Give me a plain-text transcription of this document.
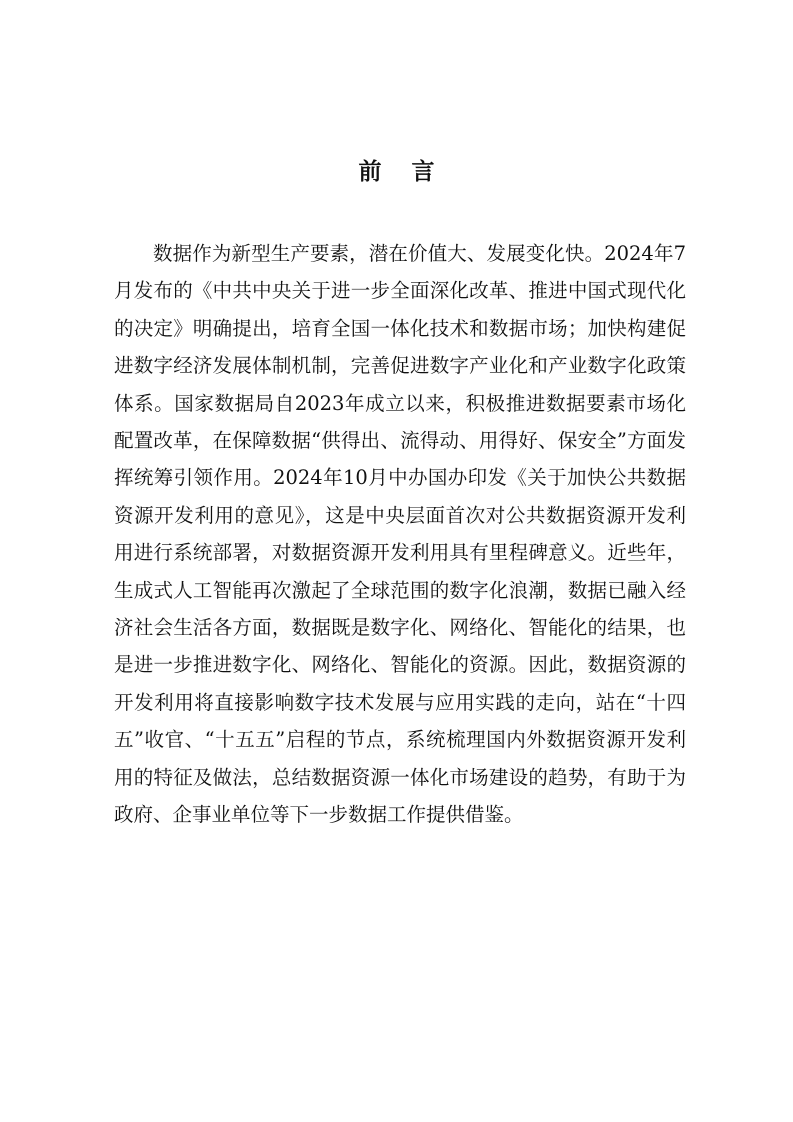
前 言

数据作为新型生产要素，潜在价值大、发展变化快。2024年7月发布的《中共中央关于进一步全面深化改革、推进中国式现代化的决定》明确提出，培育全国一体化技术和数据市场；加快构建促进数字经济发展体制机制，完善促进数字产业化和产业数字化政策体系。国家数据局自2023年成立以来，积极推进数据要素市场化配置改革，在保障数据“供得出、流得动、用得好、保安全”方面发挥统筹引领作用。2024年10月中办国办印发《关于加快公共数据资源开发利用的意见》，这是中央层面首次对公共数据资源开发利用进行系统部署，对数据资源开发利用具有里程碑意义。近些年，生成式人工智能再次激起了全球范围的数字化浪潮，数据已融入经济社会生活各方面，数据既是数字化、网络化、智能化的结果，也是进一步推进数字化、网络化、智能化的资源。因此，数据资源的开发利用将直接影响数字技术发展与应用实践的走向，站在“十四五”收官、“十五五”启程的节点，系统梳理国内外数据资源开发利用的特征及做法，总结数据资源一体化市场建设的趋势，有助于为政府、企事业单位等下一步数据工作提供借鉴。
